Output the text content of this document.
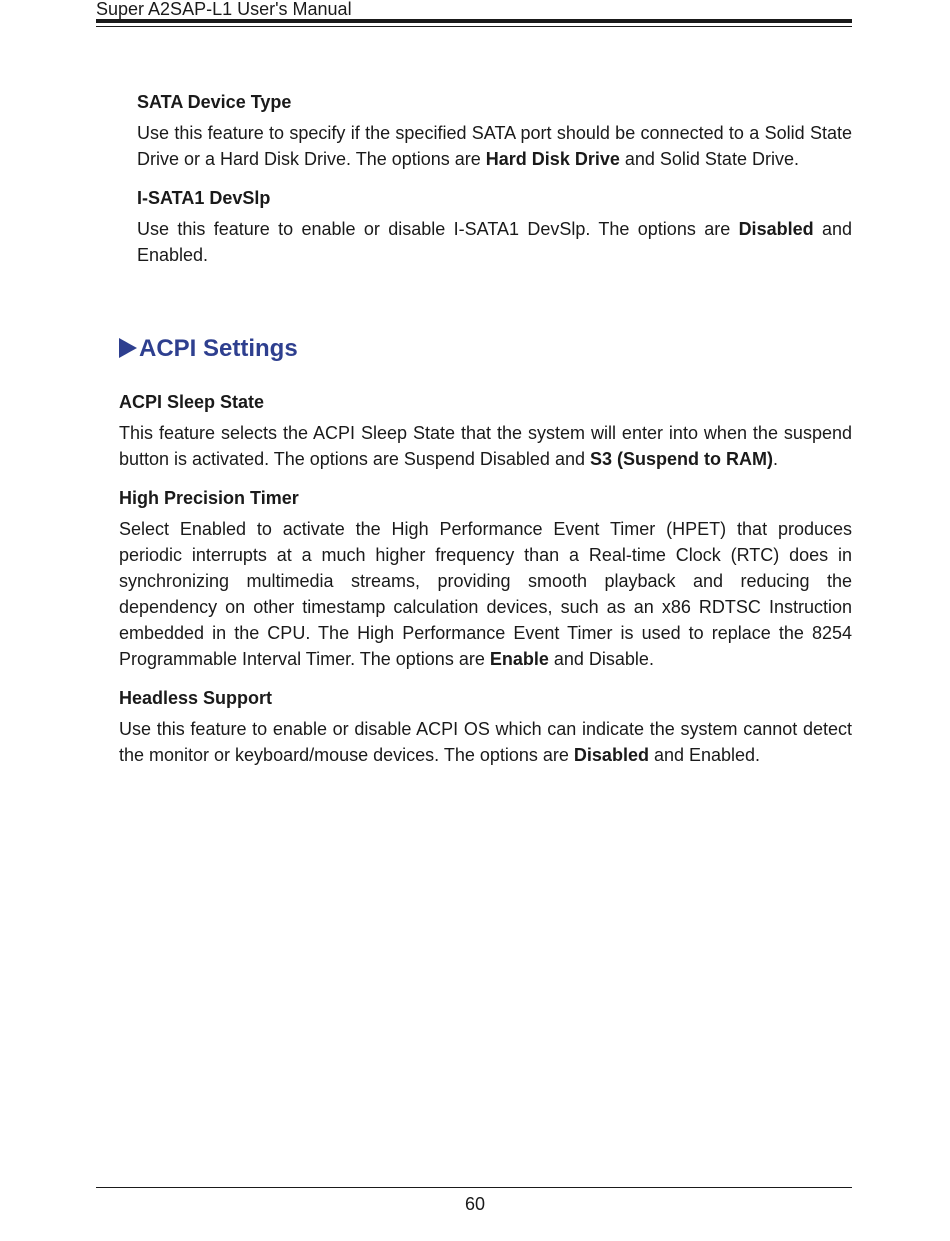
Super A2SAP-L1 User's Manual
SATA Device Type
Use this feature to specify if the specified SATA port should be connected to a Solid State Drive or a Hard Disk Drive. The options are Hard Disk Drive and Solid State Drive.
I-SATA1 DevSlp
Use this feature to enable or disable I-SATA1 DevSlp. The options are Disabled and Enabled.
ACPI Settings
ACPI Sleep State
This feature selects the ACPI Sleep State that the system will enter into when the suspend button is activated. The options are Suspend Disabled and S3 (Suspend to RAM).
High Precision Timer
Select Enabled to activate the High Performance Event Timer (HPET) that produces periodic interrupts at a much higher frequency than a Real-time Clock (RTC) does in synchronizing multimedia streams, providing smooth playback and reducing the dependency on other timestamp calculation devices, such as an x86 RDTSC Instruction embedded in the CPU. The High Performance Event Timer is used to replace the 8254 Programmable Interval Timer. The options are Enable and Disable.
Headless Support
Use this feature to enable or disable ACPI OS which can indicate the system cannot detect the monitor or keyboard/mouse devices. The options are Disabled and Enabled.
60
